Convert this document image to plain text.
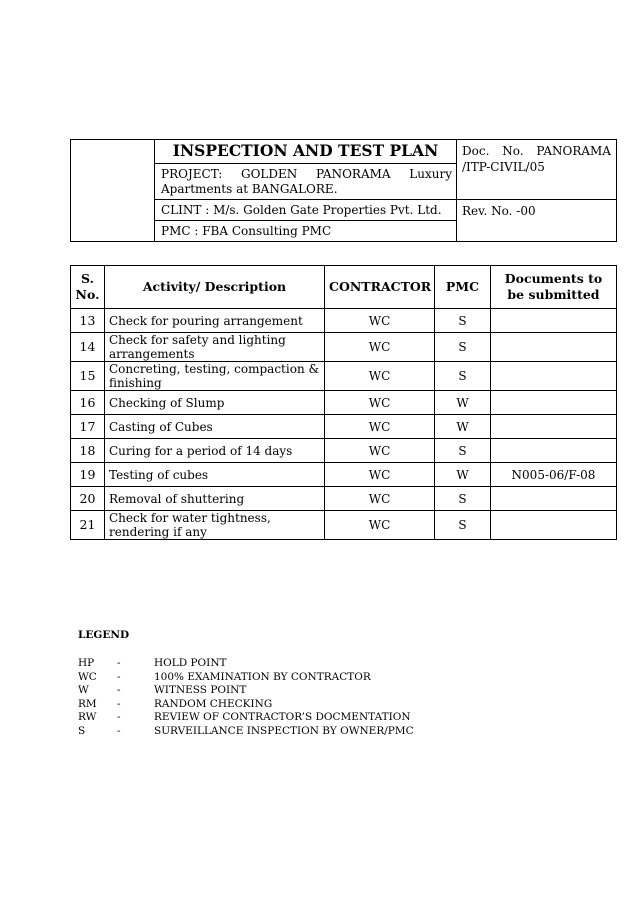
	INSPECTION AND TEST PLAN	Doc. No. PANORAMA
/ITP-CIVIL/05

	PROJECT: GOLDEN PANORAMA Luxury
Apartments at BANGALORE.	

	CLINT : M/s. Golden Gate Properties Pvt. Ltd.	Rev. No. -00
	PMC : FBA Consulting PMC	
S. No.	Activity/ Description	CONTRACTOR	PMC	Documents to be submitted
13	Check for pouring arrangement	WC	S	
14	Check for safety and lighting arrangements	WC	S	
15	Concreting, testing, compaction & finishing	WC	S	
16	Checking of Slump	WC	W	
17	Casting of Cubes	WC	W	
18	Curing for a period of 14 days	WC	S	
19	Testing of cubes	WC	W	N005-06/F-08
20	Removal of shuttering	WC	S	
21	Check for water tightness, rendering if any	WC	S	
LEGEND
HP -	HOLD POINT
WC -	100% EXAMINATION BY CONTRACTOR
W	-	WITNESS POINT
RM -	RANDOM CHECKING
RW -	REVIEW OF CONTRACTOR’S DOCMENTATION
S	-	SURVEILLANCE INSPECTION BY OWNER/PMC
